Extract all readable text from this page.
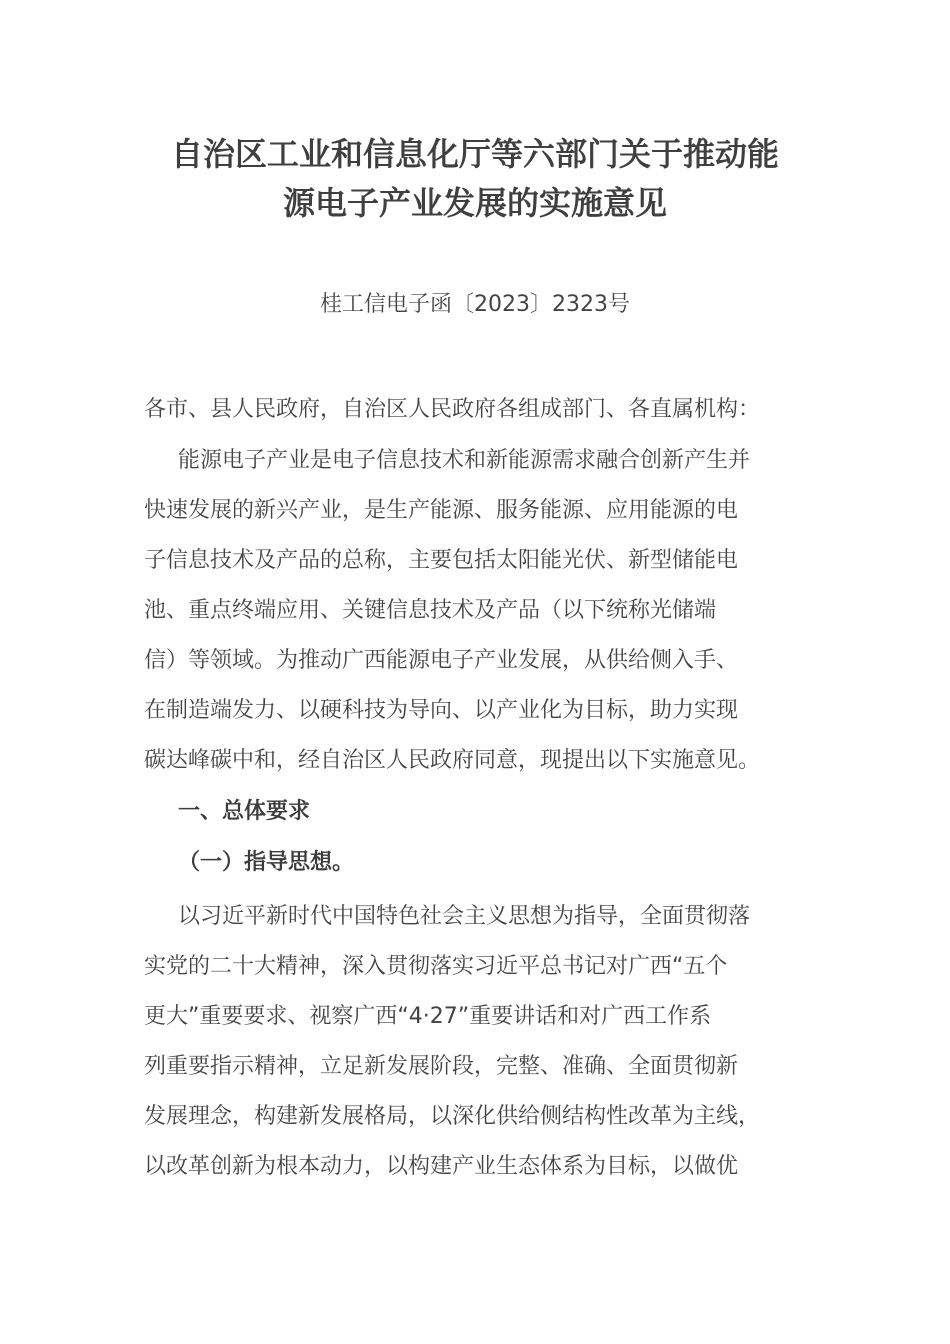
自治区工业和信息化厅等六部门关于推动能
源电子产业发展的实施意见
桂工信电子函〔2023〕2323号
各市、县人民政府，自治区人民政府各组成部门、各直属机构：
能源电子产业是电子信息技术和新能源需求融合创新产生并
快速发展的新兴产业，是生产能源、服务能源、应用能源的电
子信息技术及产品的总称，主要包括太阳能光伏、新型储能电
池、重点终端应用、关键信息技术及产品（以下统称光储端
信）等领域。为推动广西能源电子产业发展，从供给侧入手、
在制造端发力、以硬科技为导向、以产业化为目标，助力实现
碳达峰碳中和，经自治区人民政府同意，现提出以下实施意见。
一、总体要求
（一）指导思想。
以习近平新时代中国特色社会主义思想为指导，全面贯彻落
实党的二十大精神，深入贯彻落实习近平总书记对广西“五个
更大”重要要求、视察广西“4·27”重要讲话和对广西工作系
列重要指示精神，立足新发展阶段，完整、准确、全面贯彻新
发展理念，构建新发展格局，以深化供给侧结构性改革为主线，
以改革创新为根本动力，以构建产业生态体系为目标，以做优
